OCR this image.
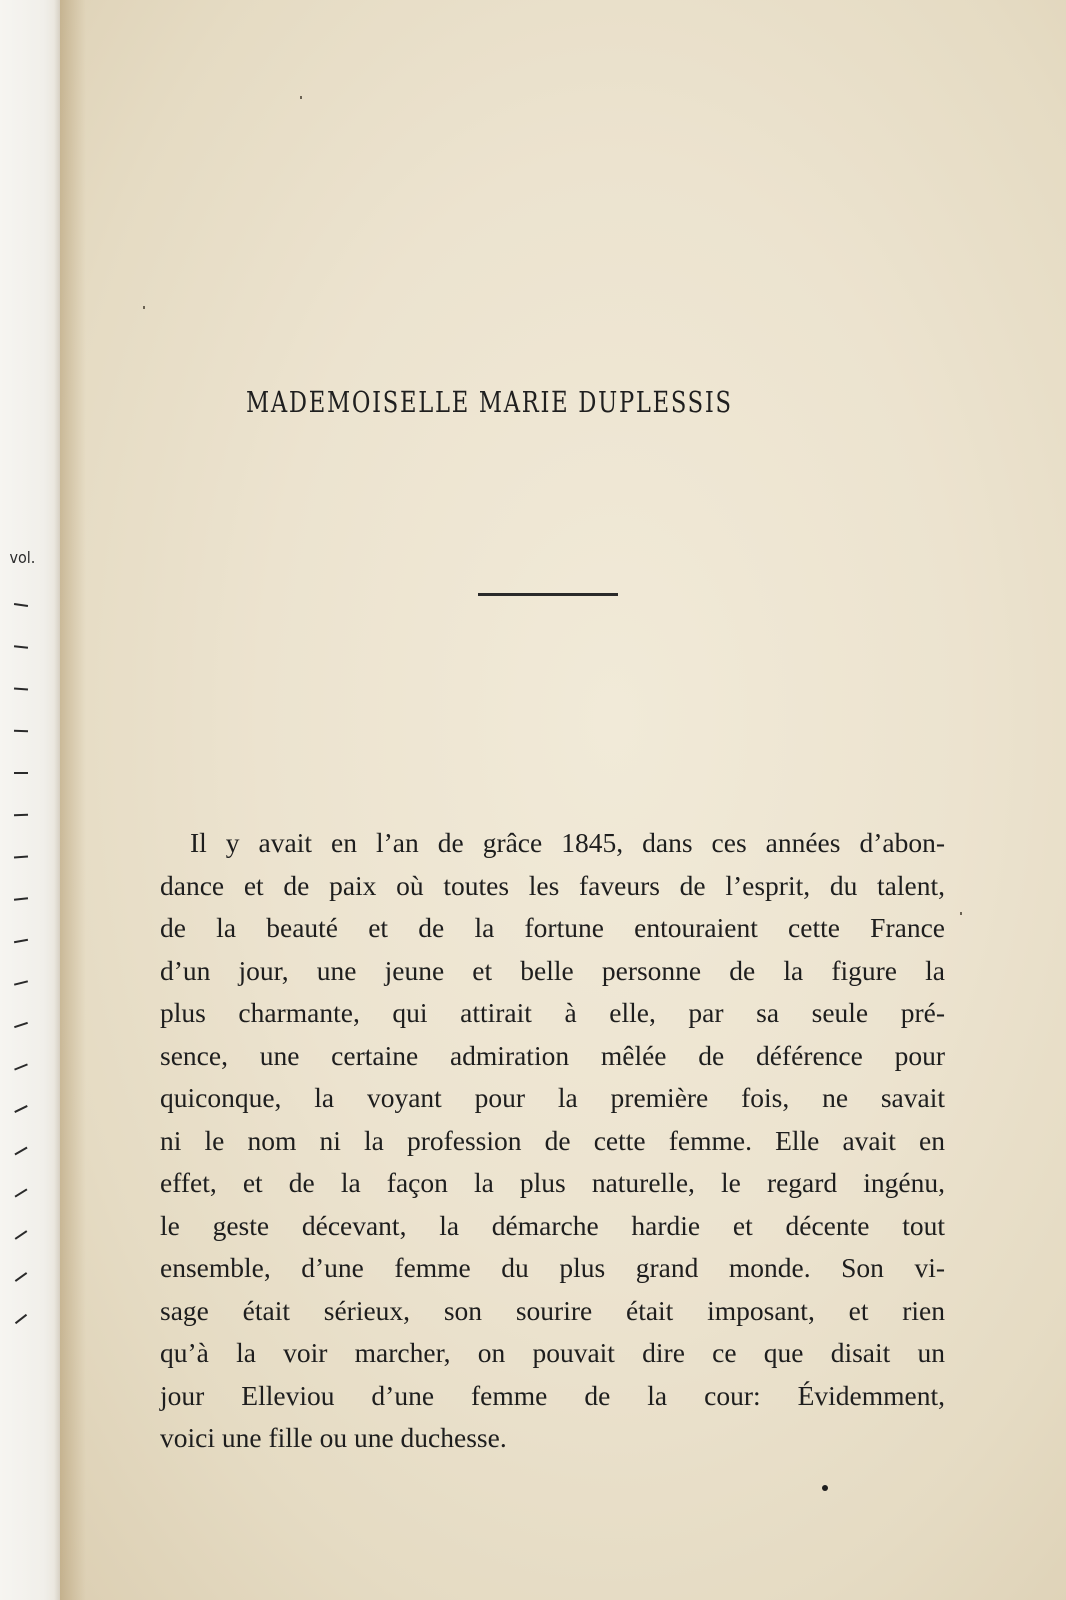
vol.
MADEMOISELLE MARIE DUPLESSIS
Il y avait en l’an de grâce 1845, dans ces années d’abon-
dance et de paix où toutes les faveurs de l’esprit, du talent,
de la beauté et de la fortune entouraient cette France
d’un jour, une jeune et belle personne de la figure la
plus charmante, qui attirait à elle, par sa seule pré-
sence, une certaine admiration mêlée de déférence pour
quiconque, la voyant pour la première fois, ne savait
ni le nom ni la profession de cette femme. Elle avait en
effet, et de la façon la plus naturelle, le regard ingénu,
le geste décevant, la démarche hardie et décente tout
ensemble, d’une femme du plus grand monde. Son vi-
sage était sérieux, son sourire était imposant, et rien
qu’à la voir marcher, on pouvait dire ce que disait un
jour Elleviou d’une femme de la cour: Évidemment,
voici une fille ou une duchesse.
